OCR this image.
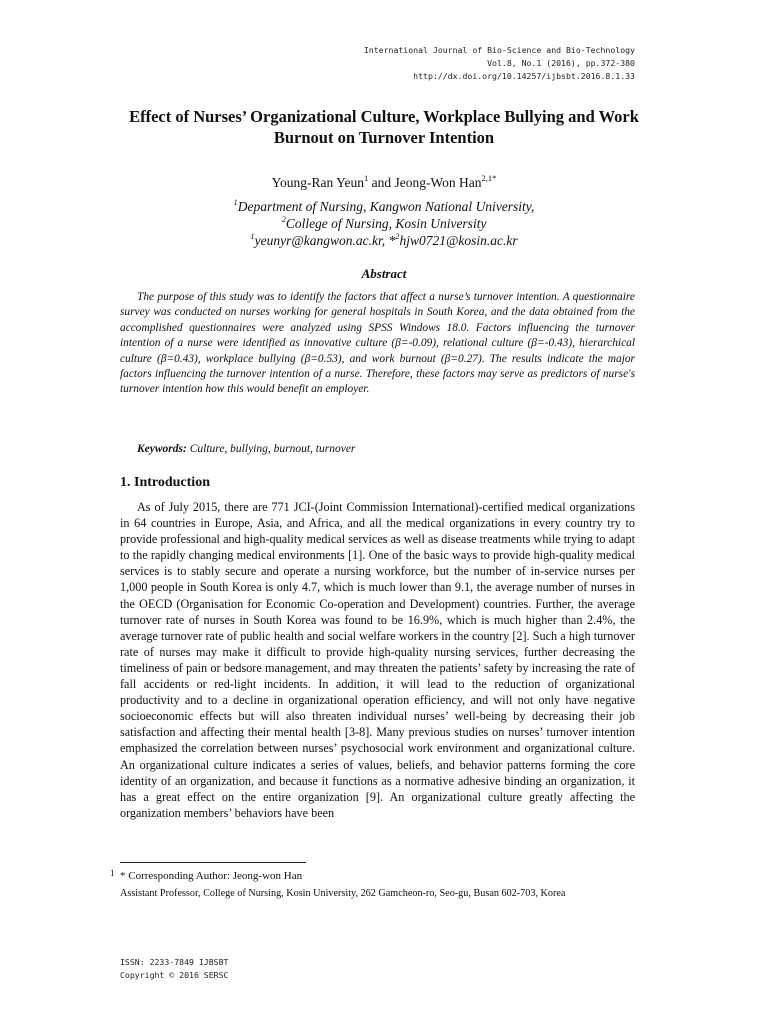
International Journal of Bio-Science and Bio-Technology
Vol.8, No.1 (2016), pp.372-380
http://dx.doi.org/10.14257/ijbsbt.2016.8.1.33
Effect of Nurses’ Organizational Culture, Workplace Bullying and Work Burnout on Turnover Intention
Young-Ran Yeun$^1$ and Jeong-Won Han$^{2,1*}$
$^1$Department of Nursing, Kangwon National University,
$^2$College of Nursing, Kosin University
$^1$yeunyr@kangwon.ac.kr, *$^2$hjw0721@kosin.ac.kr
Abstract
The purpose of this study was to identify the factors that affect a nurse’s turnover intention. A questionnaire survey was conducted on nurses working for general hospitals in South Korea, and the data obtained from the accomplished questionnaires were analyzed using SPSS Windows 18.0. Factors influencing the turnover intention of a nurse were identified as innovative culture (β=-0.09), relational culture (β=-0.43), hierarchical culture (β=0.43), workplace bullying (β=0.53), and work burnout (β=0.27). The results indicate the major factors influencing the turnover intention of a nurse. Therefore, these factors may serve as predictors of nurse's turnover intention how this would benefit an employer.
Keywords: Culture, bullying, burnout, turnover
1. Introduction
As of July 2015, there are 771 JCI-(Joint Commission International)-certified medical organizations in 64 countries in Europe, Asia, and Africa, and all the medical organizations in every country try to provide professional and high-quality medical services as well as disease treatments while trying to adapt to the rapidly changing medical environments [1]. One of the basic ways to provide high-quality medical services is to stably secure and operate a nursing workforce, but the number of in-service nurses per 1,000 people in South Korea is only 4.7, which is much lower than 9.1, the average number of nurses in the OECD (Organisation for Economic Co-operation and Development) countries. Further, the average turnover rate of nurses in South Korea was found to be 16.9%, which is much higher than 2.4%, the average turnover rate of public health and social welfare workers in the country [2]. Such a high turnover rate of nurses may make it difficult to provide high-quality nursing services, further decreasing the timeliness of pain or bedsore management, and may threaten the patients’ safety by increasing the rate of fall accidents or red-light incidents. In addition, it will lead to the reduction of organizational productivity and to a decline in organizational operation efficiency, and will not only have negative socioeconomic effects but will also threaten individual nurses’ well-being by decreasing their job satisfaction and affecting their mental health [3-8]. Many previous studies on nurses’ turnover intention emphasized the correlation between nurses’ psychosocial work environment and organizational culture. An organizational culture indicates a series of values, beliefs, and behavior patterns forming the core identity of an organization, and because it functions as a normative adhesive binding an organization, it has a great effect on the entire organization [9]. An organizational culture greatly affecting the organization members’ behaviors have been
1 * Corresponding Author: Jeong-won Han
Assistant Professor, College of Nursing, Kosin University, 262 Gamcheon-ro, Seo-gu, Busan 602-703, Korea
ISSN: 2233-7849 IJBSBT
Copyright © 2016 SERSC
